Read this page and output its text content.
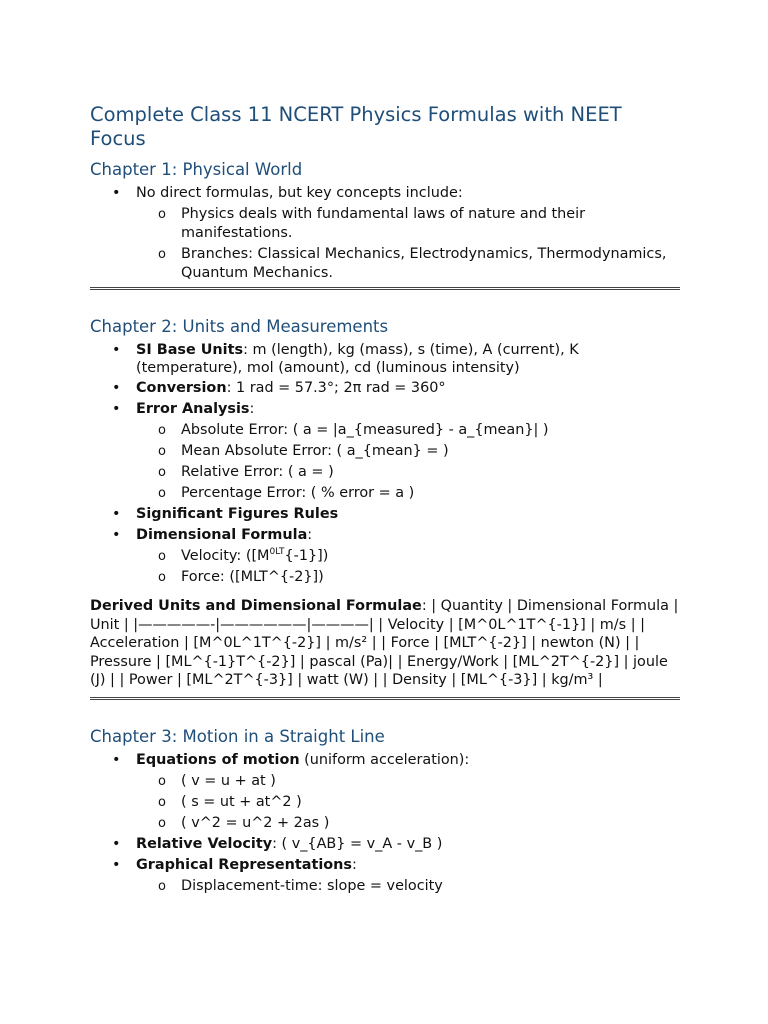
Complete Class 11 NCERT Physics Formulas with NEET Focus
Chapter 1: Physical World
• No direct formulas, but key concepts include:
o Physics deals with fundamental laws of nature and their manifestations.
o Branches: Classical Mechanics, Electrodynamics, Thermodynamics, Quantum Mechanics.
Chapter 2: Units and Measurements
• SI Base Units: m (length), kg (mass), s (time), A (current), K (temperature), mol (amount), cd (luminous intensity)
• Conversion: 1 rad = 57.3°; 2π rad = 360°
• Error Analysis:
o Absolute Error: ( a = |a_{measured} - a_{mean}| )
o Mean Absolute Error: ( a_{mean} = )
o Relative Error: ( a = )
o Percentage Error: ( % error = a )
• Significant Figures Rules
• Dimensional Formula:
o Velocity: $([M^{0LT}\{-1\}])$
o Force: ([MLT^{-2}])

Derived Units and Dimensional Formulae: | Quantity | Dimensional Formula | Unit | |—————-|——————|————| | Velocity | [M^0L^1T^{-1}] | m/s | | Acceleration | [M^0L^1T^{-2}] | m/s² | | Force | [MLT^{-2}] | newton (N) | | Pressure | [ML^{-1}T^{-2}] | pascal (Pa)| | Energy/Work | [ML^2T^{-2}] | joule (J) | | Power | [ML^2T^{-3}] | watt (W) | | Density | [ML^{-3}] | kg/m³ |

Chapter 3: Motion in a Straight Line
• Equations of motion (uniform acceleration):
o ( v = u + at )
o ( s = ut + at^2 )
o ( v^2 = u^2 + 2as )
• Relative Velocity: ( v_{AB} = v_A - v_B )
• Graphical Representations:
o Displacement-time: slope = velocity
